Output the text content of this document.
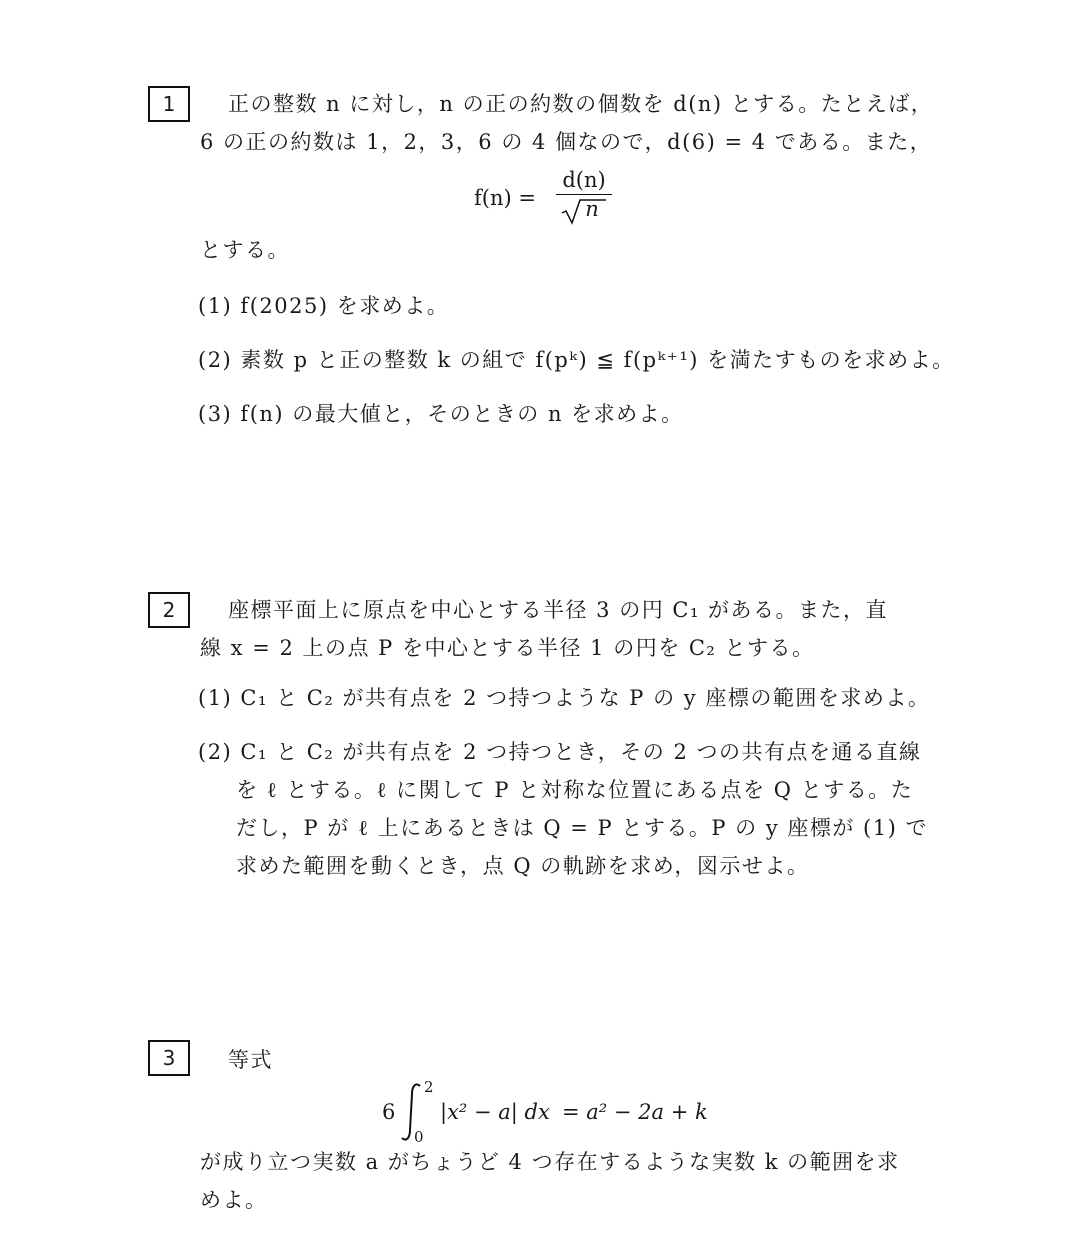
1	正の整数 n に対し，n の正の約数の個数を d(n) とする。たとえば，
6 の正の約数は 1，2，3，6 の 4 個なので，d(6) = 4 である。また，
f(n) =
d(n)
n
とする。
(1) f(2025) を求めよ。
(2) 素数 p と正の整数 k の組で f(pᵏ) ≦ f(pᵏ⁺¹) を満たすものを求めよ。
(3) f(n) の最大値と，そのときの n を求めよ。
2	座標平面上に原点を中心とする半径 3 の円 C₁ がある。また，直
線 x = 2 上の点 P を中心とする半径 1 の円を C₂ とする。
(1) C₁ と C₂ が共有点を 2 つ持つような P の y 座標の範囲を求めよ。
(2) C₁ と C₂ が共有点を 2 つ持つとき，その 2 つの共有点を通る直線
を ℓ とする。ℓ に関して P と対称な位置にある点を Q とする。た
だし，P が ℓ 上にあるときは Q = P とする。P の y 座標が (1) で
求めた範囲を動くとき，点 Q の軌跡を求め，図示せよ。
3	等式
6
2
0
|x² − a| dx = a² − 2a + k
が成り立つ実数 a がちょうど 4 つ存在するような実数 k の範囲を求
めよ。
